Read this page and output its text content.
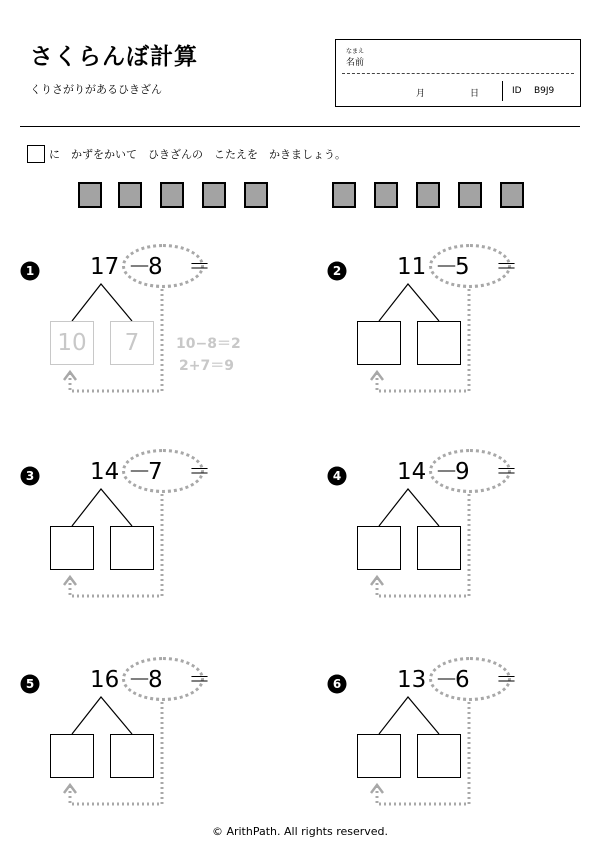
さくらんぼ計算
くりさがりがあるひきざん
なまえ
名前
月	日	ID B9J9
に　かずをかいて　ひきざんの　こたえを　かきましょう。
1 17 －
8 ＝
10	7	10−8＝2
2+7＝9
2 11 －
5 ＝
3 14 －
7 ＝	4 14 －
9 ＝
5 16 －
8 ＝	6 13 －
6 ＝
© ArithPath. All rights reserved.
